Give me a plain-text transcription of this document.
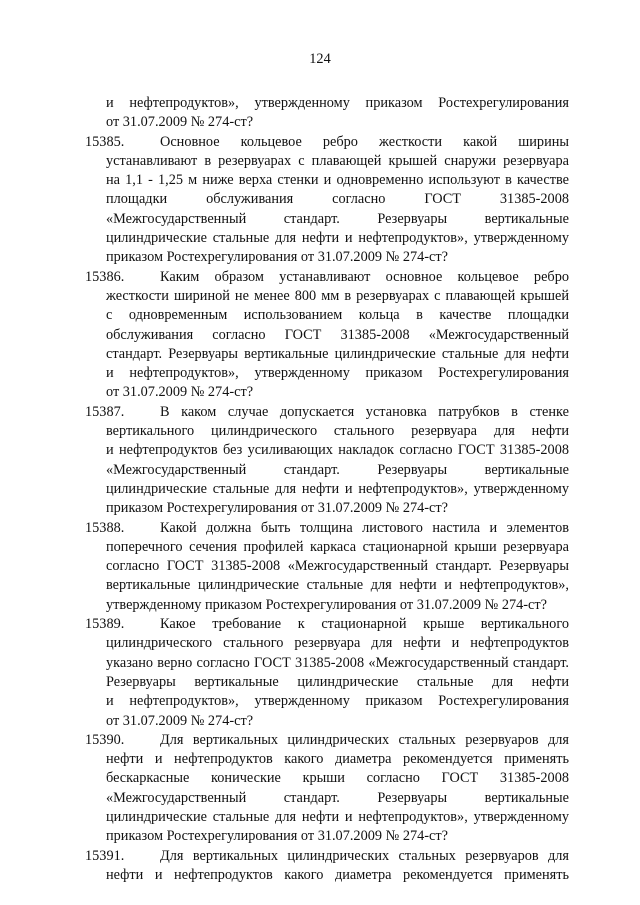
124
и нефтепродуктов», утвержденному приказом Ростехрегулирования
от 31.07.2009 № 274-ст?
15385.	Основное кольцевое ребро жесткости какой ширины
устанавливают в резервуарах с плавающей крышей снаружи резервуара
на 1,1 - 1,25 м ниже верха стенки и одновременно используют в качестве
площадки обслуживания согласно ГОСТ 31385-2008
«Межгосударственный стандарт. Резервуары вертикальные
цилиндрические стальные для нефти и нефтепродуктов», утвержденному
приказом Ростехрегулирования от 31.07.2009 № 274-ст?
15386.	Каким образом устанавливают основное кольцевое ребро
жесткости шириной не менее 800 мм в резервуарах с плавающей крышей
с одновременным использованием кольца в качестве площадки
обслуживания согласно ГОСТ 31385-2008 «Межгосударственный
стандарт. Резервуары вертикальные цилиндрические стальные для нефти
и нефтепродуктов», утвержденному приказом Ростехрегулирования
от 31.07.2009 № 274-ст?
15387.	В каком случае допускается установка патрубков в стенке
вертикального цилиндрического стального резервуара для нефти
и нефтепродуктов без усиливающих накладок согласно ГОСТ 31385-2008
«Межгосударственный стандарт. Резервуары вертикальные
цилиндрические стальные для нефти и нефтепродуктов», утвержденному
приказом Ростехрегулирования от 31.07.2009 № 274-ст?
15388.	Какой должна быть толщина листового настила и элементов
поперечного сечения профилей каркаса стационарной крыши резервуара
согласно ГОСТ 31385-2008 «Межгосударственный стандарт. Резервуары
вертикальные цилиндрические стальные для нефти и нефтепродуктов»,
утвержденному приказом Ростехрегулирования от 31.07.2009 № 274-ст?
15389.	Какое требование к стационарной крыше вертикального
цилиндрического стального резервуара для нефти и нефтепродуктов
указано верно согласно ГОСТ 31385-2008 «Межгосударственный стандарт.
Резервуары вертикальные цилиндрические стальные для нефти
и нефтепродуктов», утвержденному приказом Ростехрегулирования
от 31.07.2009 № 274-ст?
15390.	Для вертикальных цилиндрических стальных резервуаров для
нефти и нефтепродуктов какого диаметра рекомендуется применять
бескаркасные конические крыши согласно ГОСТ 31385-2008
«Межгосударственный стандарт. Резервуары вертикальные
цилиндрические стальные для нефти и нефтепродуктов», утвержденному
приказом Ростехрегулирования от 31.07.2009 № 274-ст?
15391.	Для вертикальных цилиндрических стальных резервуаров для
нефти и нефтепродуктов какого диаметра рекомендуется применять
